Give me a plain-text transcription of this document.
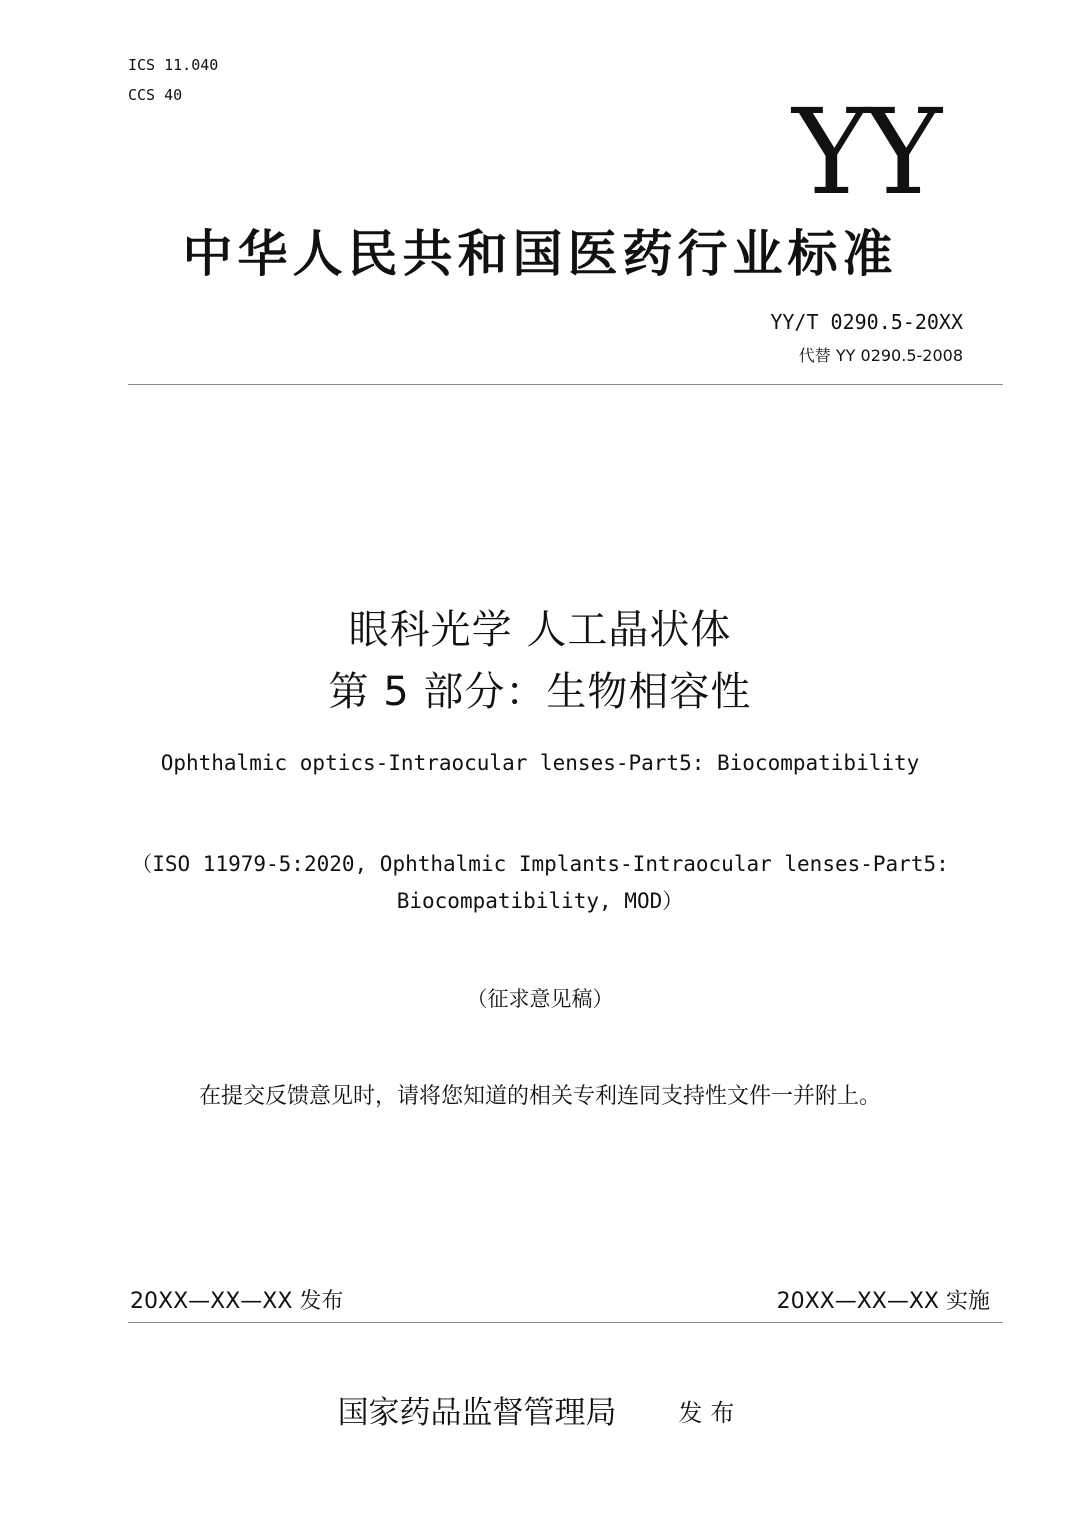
ICS 11.040
CCS 40	YY
中华人民共和国医药行业标准
YY/T 0290.5-20XX
代替 YY 0290.5-2008
眼科光学 人工晶状体
第 5 部分：生物相容性
Ophthalmic optics-Intraocular lenses-Part5: Biocompatibility
（ISO 11979-5:2020, Ophthalmic Implants-Intraocular lenses-Part5:
Biocompatibility, MOD）
（征求意见稿）
在提交反馈意见时，请将您知道的相关专利连同支持性文件一并附上。
20XX—XX—XX 发布	20XX—XX—XX 实施
国家药品监督管理局	发布
